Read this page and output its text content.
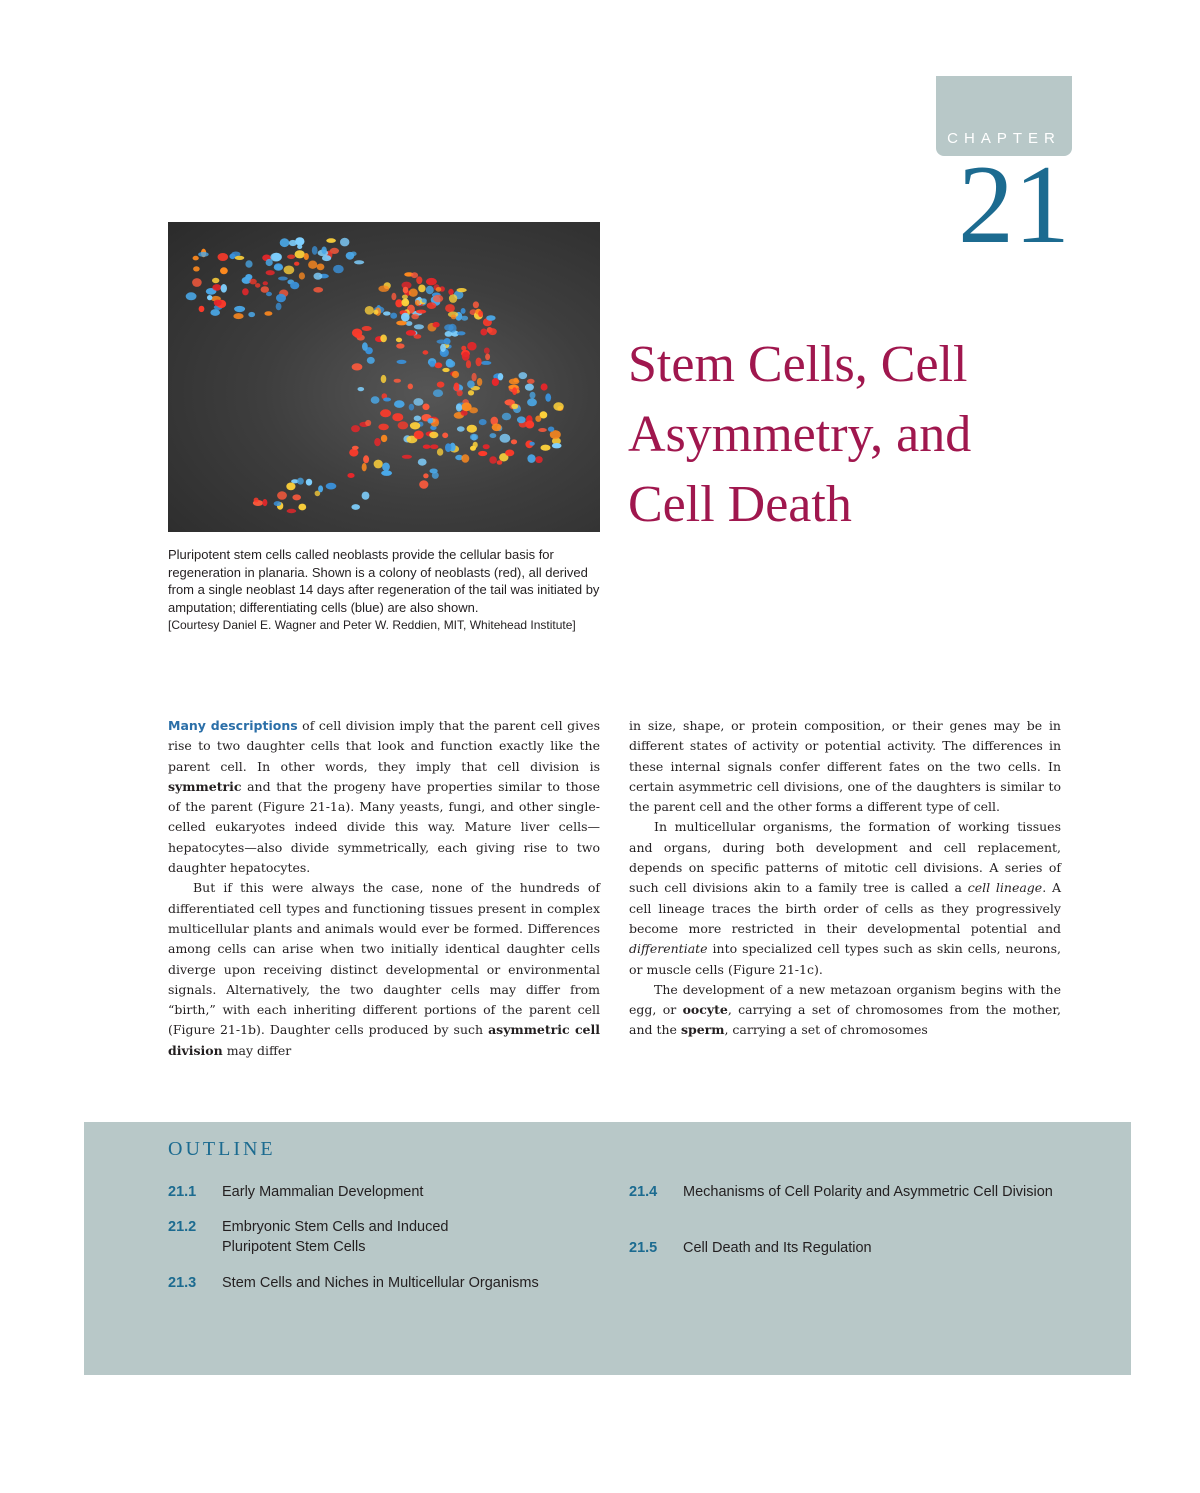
CHAPTER
21
Pluripotent stem cells called neoblasts provide the cellular basis for regeneration in planaria. Shown is a colony of neoblasts (red), all derived from a single neoblast 14 days after regeneration of the tail was initiated by amputation; differentiating cells (blue) are also shown.
[Courtesy Daniel E. Wagner and Peter W. Reddien, MIT, Whitehead Institute]
Stem Cells, Cell
Asymmetry, and
Cell Death

Many descriptions of cell division imply that the parent cell gives rise to two daughter cells that look and function exactly like the parent cell. In other words, they imply that cell division is symmetric and that the progeny have properties similar to those of the parent (Figure 21-1a). Many yeasts, fungi, and other single-celled eukaryotes indeed divide this way. Mature liver cells—hepatocytes—also divide symmetrically, each giving rise to two daughter hepatocytes.

But if this were always the case, none of the hundreds of differentiated cell types and functioning tissues present in complex multicellular plants and animals would ever be formed. Differences among cells can arise when two initially identical daughter cells diverge upon receiving distinct developmental or environmental signals. Alternatively, the two daughter cells may differ from “birth,” with each inheriting different portions of the parent cell (Figure 21-1b). Daughter cells produced by such asymmetric cell division may differ

in size, shape, or protein composition, or their genes may be in different states of activity or potential activity. The differences in these internal signals confer different fates on the two cells. In certain asymmetric cell divisions, one of the daughters is similar to the parent cell and the other forms a different type of cell.

In multicellular organisms, the formation of working tissues and organs, during both development and cell replacement, depends on specific patterns of mitotic cell divisions. A series of such cell divisions akin to a family tree is called a cell lineage. A cell lineage traces the birth order of cells as they progressively become more restricted in their developmental potential and differentiate into specialized cell types such as skin cells, neurons, or muscle cells (Figure 21-1c).

The development of a new metazoan organism begins with the egg, or oocyte, carrying a set of chromosomes from the mother, and the sperm, carrying a set of chromosomes

OUTLINE
21.1 Early Mammalian Development
21.2 Embryonic Stem Cells and Induced Pluripotent Stem Cells
21.3 Stem Cells and Niches in Multicellular Organisms
21.4 Mechanisms of Cell Polarity and Asymmetric Cell Division
21.5 Cell Death and Its Regulation
